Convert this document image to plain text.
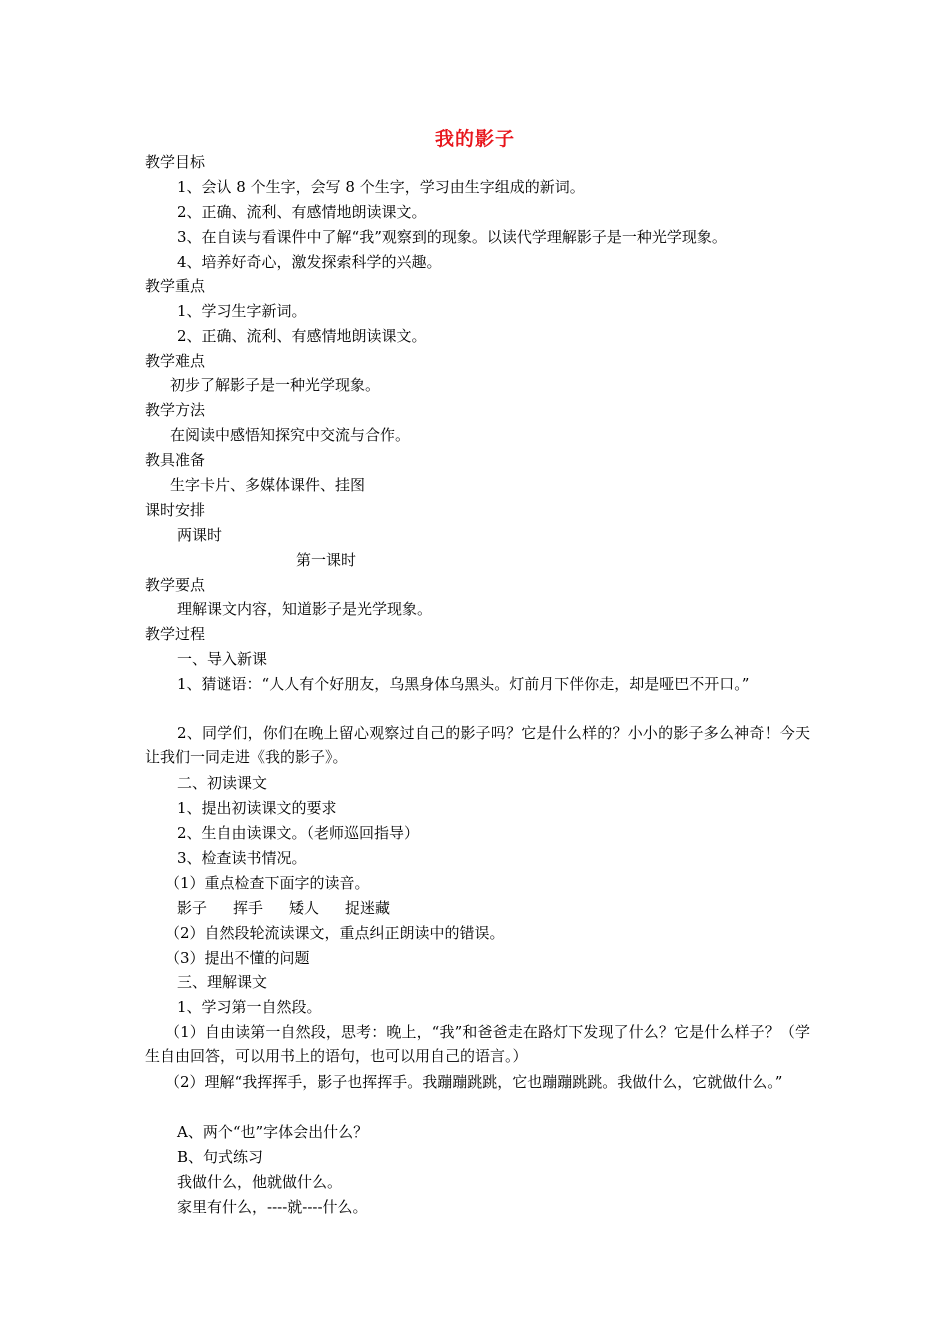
我的影子
教学目标
1、会认 8 个生字，会写 8 个生字，学习由生字组成的新词。
2、正确、流利、有感情地朗读课文。
3、在自读与看课件中了解“我”观察到的现象。以读代学理解影子是一种光学现象。
4、培养好奇心，激发探索科学的兴趣。
教学重点
1、学习生字新词。
2、正确、流利、有感情地朗读课文。
教学难点
初步了解影子是一种光学现象。
教学方法
在阅读中感悟知探究中交流与合作。
教具准备
生字卡片、多媒体课件、挂图
课时安排
两课时
第一课时
教学要点
理解课文内容，知道影子是光学现象。
教学过程
一、导入新课
1、猜谜语：“人人有个好朋友，乌黑身体乌黑头。灯前月下伴你走，却是哑巴不开口。”
2、同学们，你们在晚上留心观察过自己的影子吗？它是什么样的？小小的影子多么神奇！今天让我们一同走进《我的影子》。
二、初读课文
1、提出初读课文的要求
2、生自由读课文。（老师巡回指导）
3、检查读书情况。
（1）重点检查下面字的读音。
影子 挥手 矮人 捉迷藏
（2）自然段轮流读课文，重点纠正朗读中的错误。
（3）提出不懂的问题
三、理解课文
1、学习第一自然段。
（1）自由读第一自然段，思考：晚上，“我”和爸爸走在路灯下发现了什么？它是什么样子？（学生自由回答，可以用书上的语句，也可以用自己的语言。）
（2）理解“我挥挥手，影子也挥挥手。我蹦蹦跳跳，它也蹦蹦跳跳。我做什么，它就做什么。”
A、两个“也”字体会出什么？
B、句式练习
我做什么，他就做什么。
家里有什么，----就----什么。
